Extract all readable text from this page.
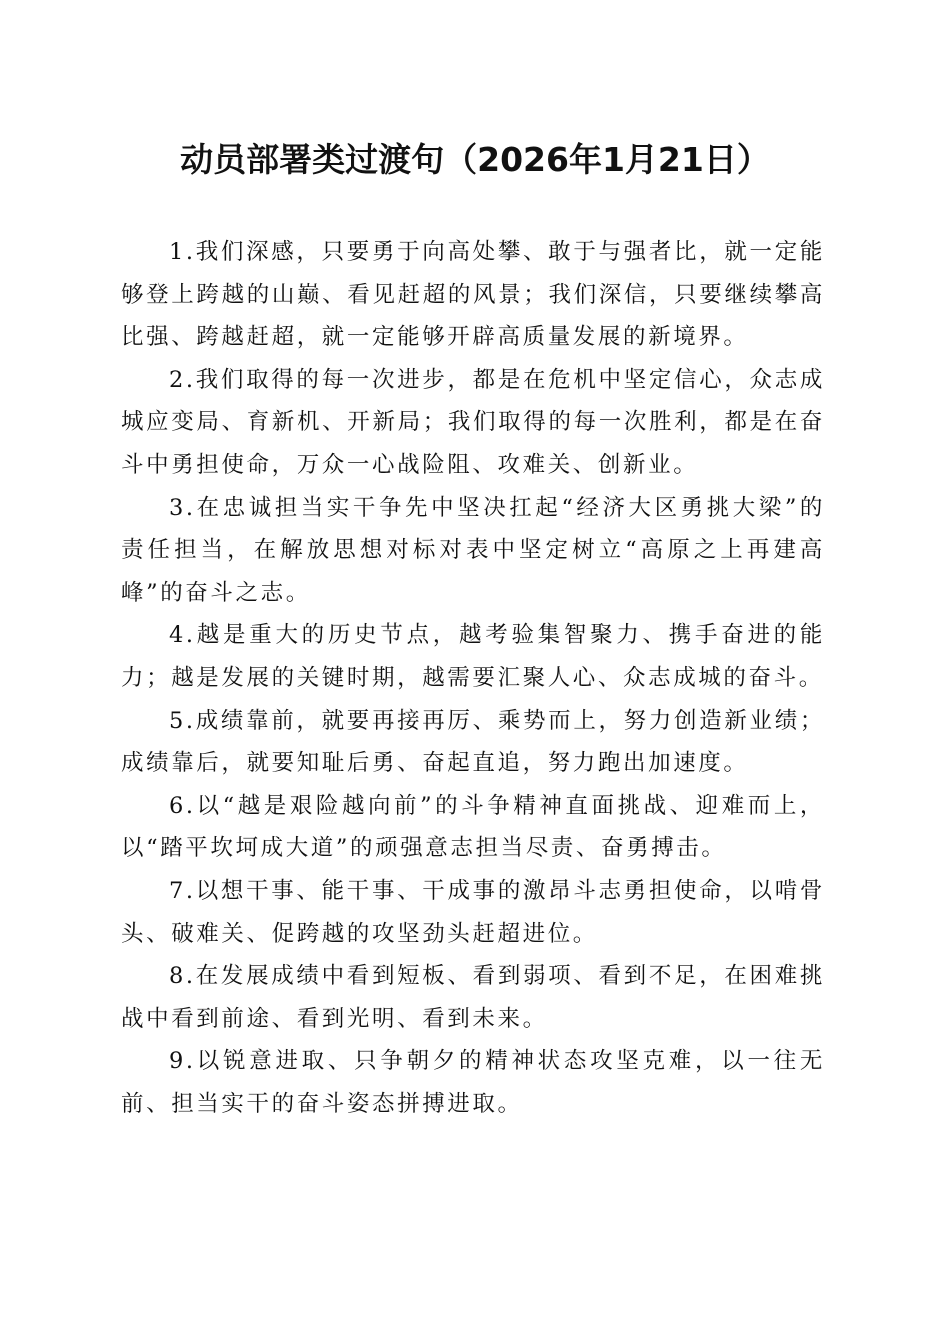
动员部署类过渡句（2026年1月21日）

1.我们深感，只要勇于向高处攀、敢于与强者比，就一定能够登上跨越的山巅、看见赶超的风景；我们深信，只要继续攀高比强、跨越赶超，就一定能够开辟高质量发展的新境界。

2.我们取得的每一次进步，都是在危机中坚定信心，众志成城应变局、育新机、开新局；我们取得的每一次胜利，都是在奋斗中勇担使命，万众一心战险阻、攻难关、创新业。

3.在忠诚担当实干争先中坚决扛起“经济大区勇挑大梁”的责任担当，在解放思想对标对表中坚定树立“高原之上再建高峰”的奋斗之志。

4.越是重大的历史节点，越考验集智聚力、携手奋进的能力；越是发展的关键时期，越需要汇聚人心、众志成城的奋斗。

5.成绩靠前，就要再接再厉、乘势而上，努力创造新业绩；成绩靠后，就要知耻后勇、奋起直追，努力跑出加速度。

6.以“越是艰险越向前”的斗争精神直面挑战、迎难而上，以“踏平坎坷成大道”的顽强意志担当尽责、奋勇搏击。

7.以想干事、能干事、干成事的激昂斗志勇担使命，以啃骨头、破难关、促跨越的攻坚劲头赶超进位。

8.在发展成绩中看到短板、看到弱项、看到不足，在困难挑战中看到前途、看到光明、看到未来。

9.以锐意进取、只争朝夕的精神状态攻坚克难，以一往无前、担当实干的奋斗姿态拼搏进取。
